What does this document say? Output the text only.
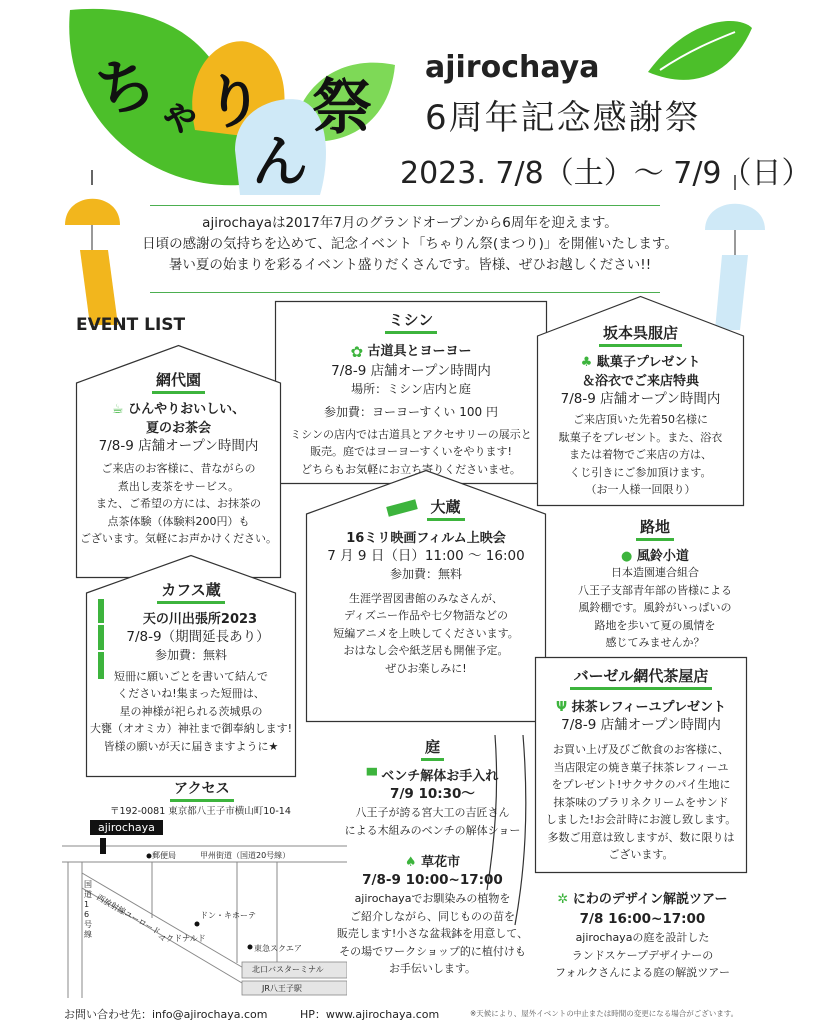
ち
ゃ り
ん
祭
ajirochaya
6周年記念感謝祭
2023. 7/8（土）〜 7/9（日）

ajirochayaは2017年7月のグランドオープンから6周年を迎えます。

日頃の感謝の気持ちを込めて、記念イベント「ちゃりん祭(まつり)」を開催いたします。

暑い夏の始まりを彩るイベント盛りだくさんです。皆様、ぜひお越しください!!

EVENT LIST	ミシン
✿ 古道具とヨーヨー
7/8-9 店舗オープン時間内
場所：ミシン店内と庭
参加費：ヨーヨーすくい 100 円
ミシンの店内では古道具とアクセサリーの展示と
販売。庭ではヨーヨーすくいをやります!
どちらもお気軽にお立ち寄りくださいませ。
坂本呉服店
♣ 駄菓子プレゼント
＆浴衣でご来店特典
7/8-9 店舗オープン時間内
ご来店頂いた先着50名様に
駄菓子をプレゼント。また、浴衣
または着物でご来店の方は、
くじ引きにご参加頂けます。
（お一人様一回限り）
網代園
☕ ひんやりおいしい、
夏のお茶会
7/8-9 店舗オープン時間内
ご来店のお客様に、昔ながらの
煮出し麦茶をサービス。
また、ご希望の方には、お抹茶の
点茶体験（体験料200円）も
ございます。気軽にお声かけください。
大蔵
16ミリ映画フィルム上映会
7 月 9 日（日）11:00 〜 16:00
参加費：無料
生涯学習図書館のみなさんが、
ディズニー作品や七夕物語などの
短編アニメを上映してくださいます。
おはなし会や紙芝居も開催予定。
ぜひお楽しみに!
路地
● 風鈴小道
日本造園連合組合
八王子支部青年部の皆様による
風鈴棚です。風鈴がいっぱいの
路地を歩いて夏の風情を
感じてみませんか？
カフス蔵
天の川出張所2023
7/8-9（期間延長あり）
参加費：無料
短冊に願いごとを書いて結んで
くださいね!集まった短冊は、
星の神様が祀られる茨城県の
大甕（オオミカ）神社まで御奉納します!
皆様の願いが天に届きますように★
バーゼル網代茶屋店
Ψ 抹茶レフィーユプレゼント
7/8-9 店舗オープン時間内
お買い上げ及びご飲食のお客様に、
当店限定の焼き菓子抹茶レフィーユ
をプレゼント!サクサクのパイ生地に
抹茶味のプラリネクリームをサンド
しました!お会計時にお渡し致します。
多数ご用意は致しますが、数に限りは
ございます。
庭
▀ ベンチ解体お手入れ
7/9 10:30〜
八王子が誇る宮大工の吉匠さん
による木組みのベンチの解体ショー
♠ 草花市
7/8-9 10:00~17:00
ajirochayaでお馴染みの植物を
ご紹介しながら、同じものの苗を
販売します!小さな盆栽鉢を用意して、
その場でワークショップ的に植付けも
お手伝いします。
✲ にわのデザイン解説ツアー
7/8 16:00~17:00
ajirochayaの庭を設計した
ランドスケープデザイナーの
フォルクさんによる庭の解説ツアー
アクセス
〒192-0081 東京都八王子市横山町10-14
ajirochaya
郵便局	甲州街道（国道20号線）
西放射線ユーロード
国道16号線
ドン・キホーテ
マクドナルド
東急スクエア
北口バスターミナル
JR八王子駅
お問い合わせ先：info@ajirochaya.com	HP：www.ajirochaya.com	※天候により、屋外イベントの中止または時間の変更になる場合がございます。
